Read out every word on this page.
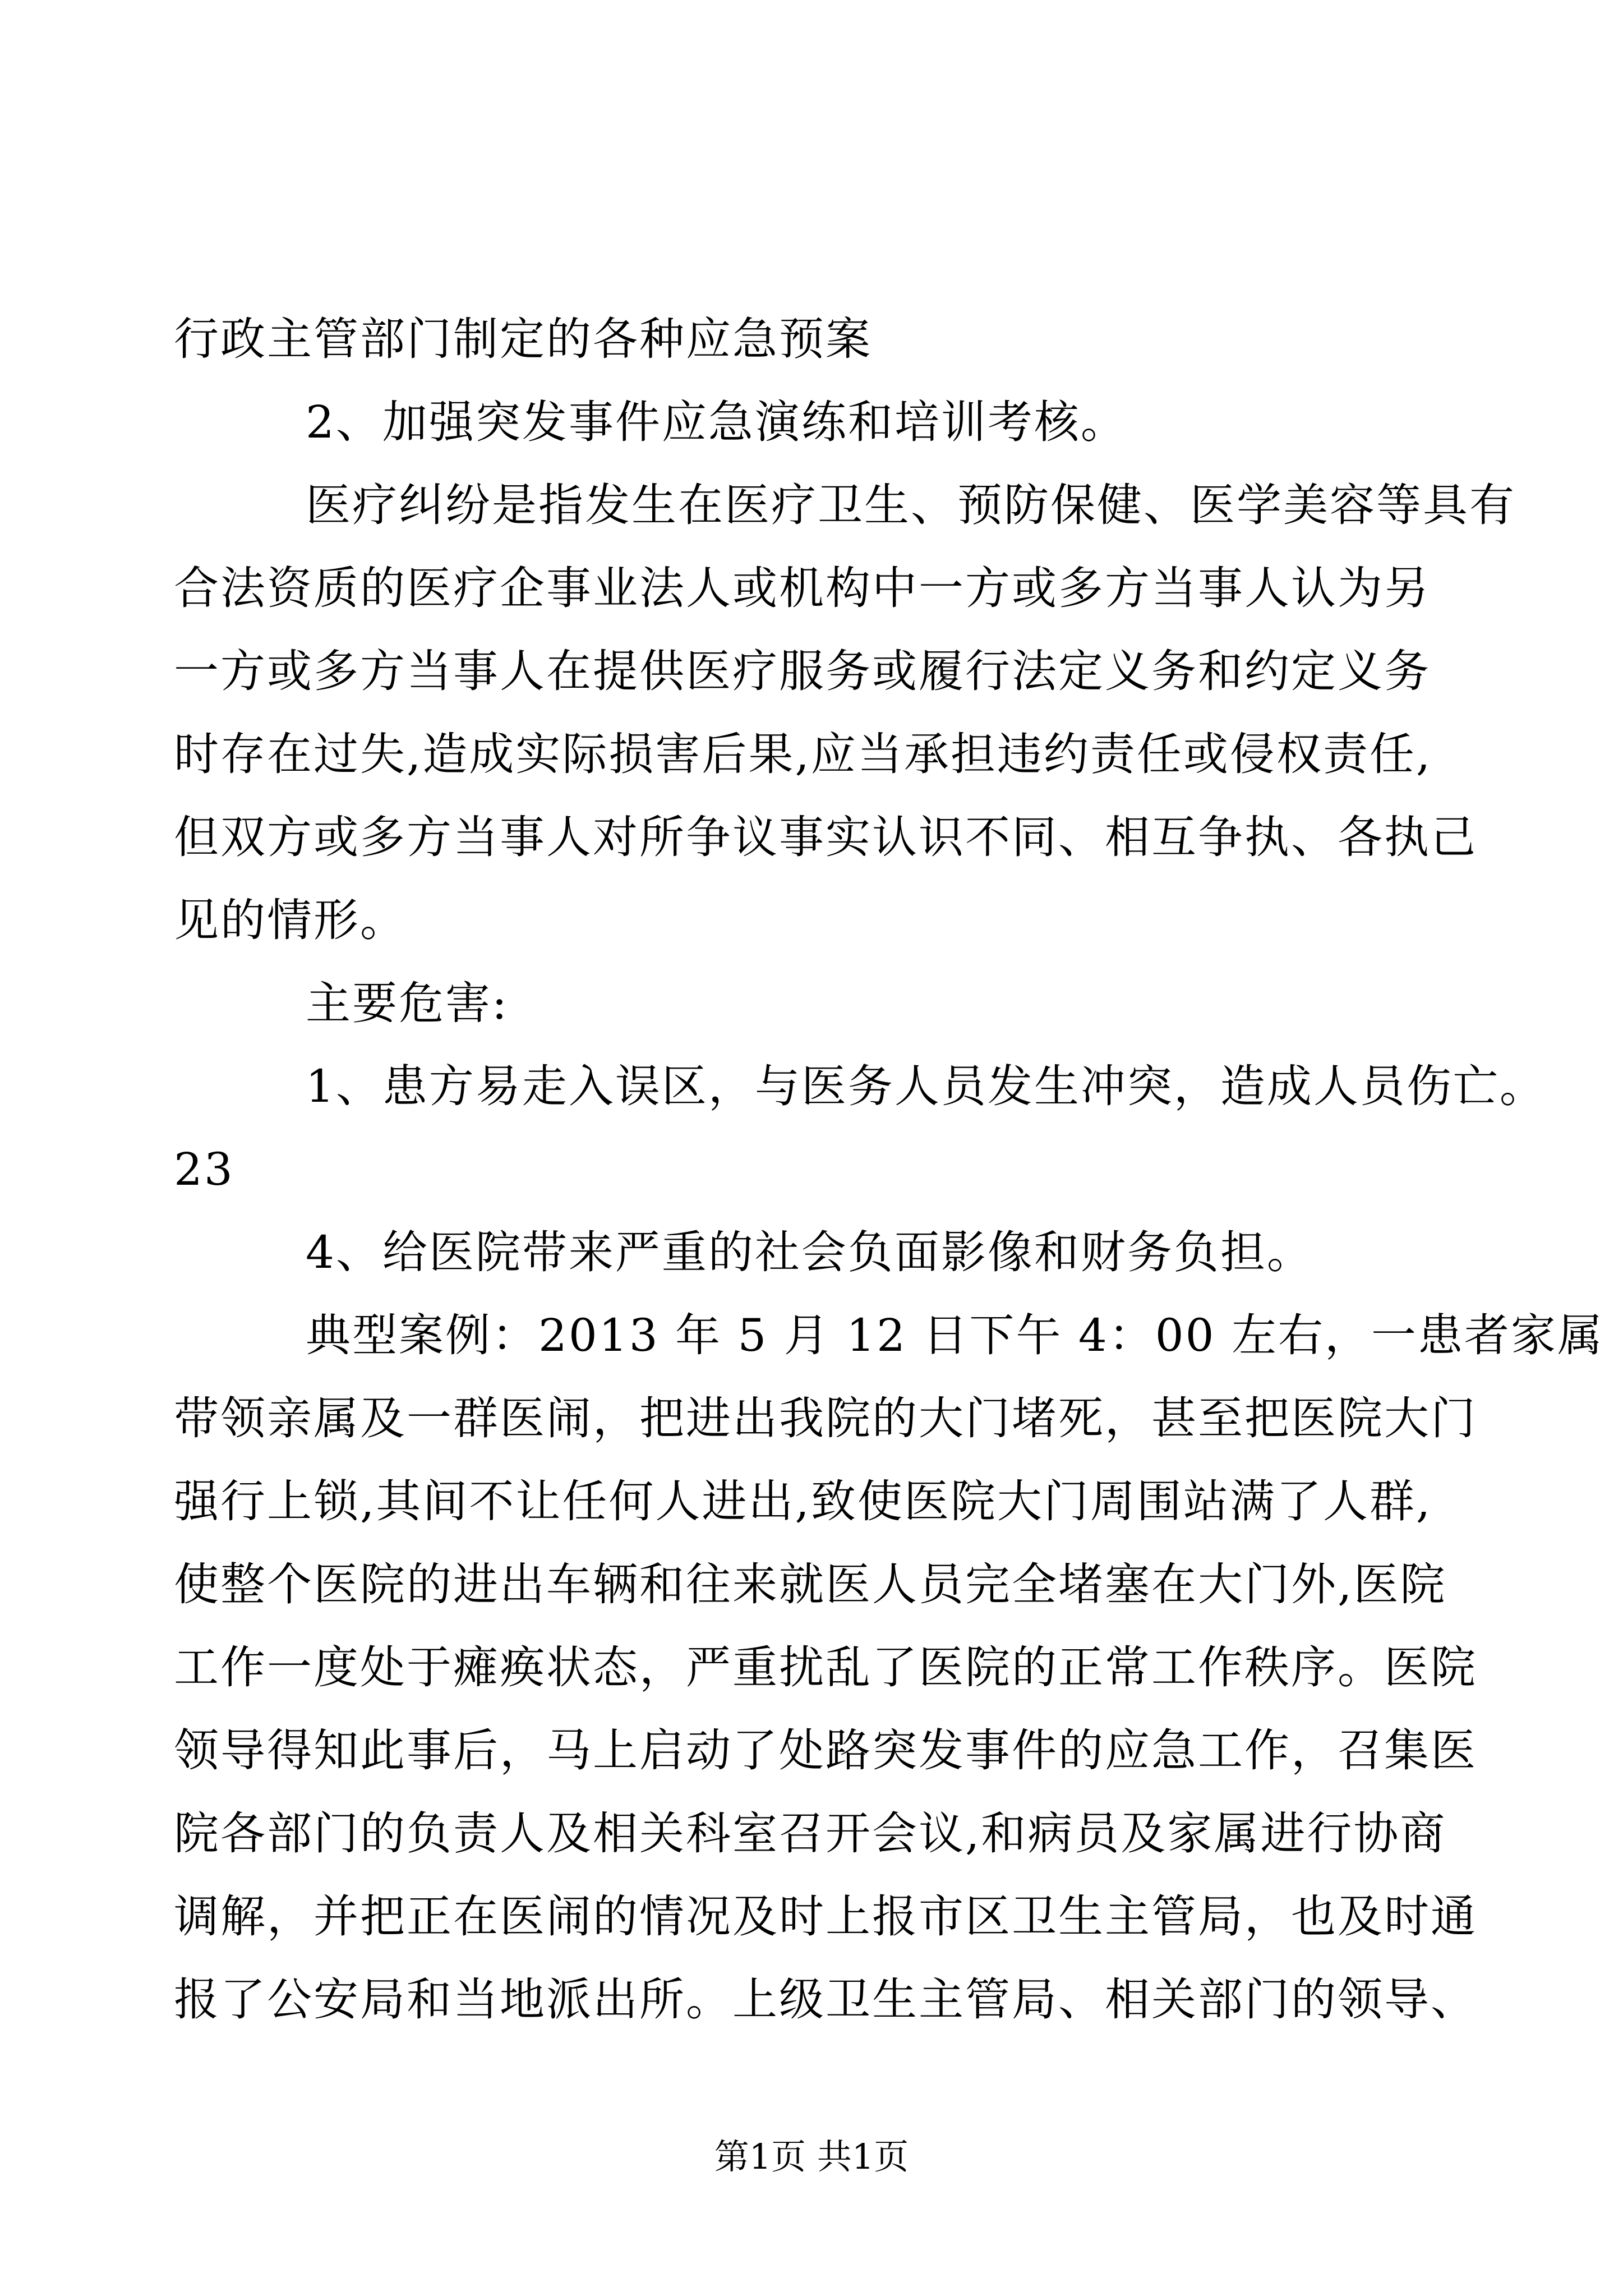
行政主管部门制定的各种应急预案
2、加强突发事件应急演练和培训考核。
医疗纠纷是指发生在医疗卫生、预防保健、医学美容等具有
合法资质的医疗企事业法人或机构中一方或多方当事人认为另
一方或多方当事人在提供医疗服务或履行法定义务和约定义务
时存在过失,造成实际损害后果,应当承担违约责任或侵权责任,
但双方或多方当事人对所争议事实认识不同、相互争执、各执己
见的情形。
主要危害:
1、患方易走入误区，与医务人员发生冲突，造成人员伤亡。
23
4、给医院带来严重的社会负面影像和财务负担。
典型案例：2013 年 5 月 12 日下午 4：00 左右，一患者家属
带领亲属及一群医闹，把进出我院的大门堵死，甚至把医院大门
强行上锁,其间不让任何人进出,致使医院大门周围站满了人群,
使整个医院的进出车辆和往来就医人员完全堵塞在大门外,医院
工作一度处于瘫痪状态，严重扰乱了医院的正常工作秩序。医院
领导得知此事后，马上启动了处路突发事件的应急工作，召集医
院各部门的负责人及相关科室召开会议,和病员及家属进行协商
调解，并把正在医闹的情况及时上报市区卫生主管局，也及时通
报了公安局和当地派出所。上级卫生主管局、相关部门的领导、
第1页 共1页
